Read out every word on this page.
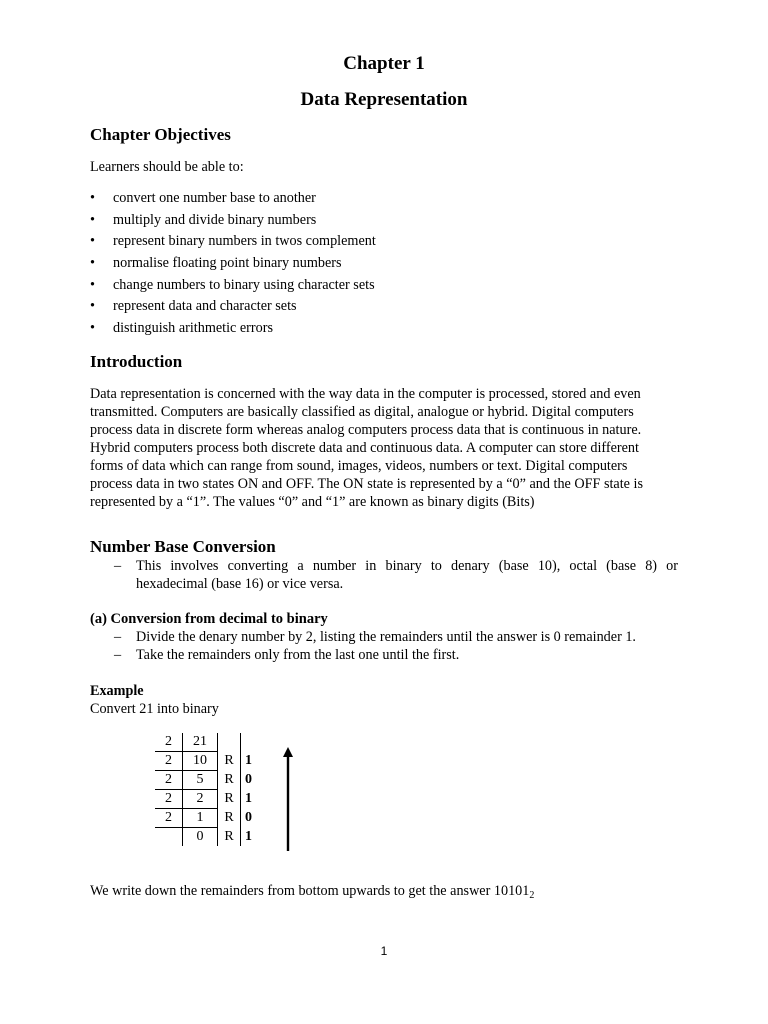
Chapter 1
Data Representation
Chapter Objectives
Learners should be able to:
• convert one number base to another
• multiply and divide binary numbers
• represent binary numbers in twos complement
• normalise floating point binary numbers
• change numbers to binary using character sets
• represent data and character sets
• distinguish arithmetic errors
Introduction
Data representation is concerned with the way data in the computer is processed, stored and even
transmitted. Computers are basically classified as digital, analogue or hybrid. Digital computers
process data in discrete form whereas analog computers process data that is continuous in nature.
Hybrid computers process both discrete data and continuous data. A computer can store different
forms of data which can range from sound, images, videos, numbers or text. Digital computers
process data in two states ON and OFF. The ON state is represented by a “0” and the OFF state is
represented by a “1”. The values “0” and “1” are known as binary digits (Bits)
Number Base Conversion
– This involves converting a number in binary to denary (base 10), octal (base 8) or
hexadecimal (base 16) or vice versa.
(a) Conversion from decimal to binary
– Divide the denary number by 2, listing the remainders until the answer is 0 remainder 1.
– Take the remainders only from the last one until the first.
Example
Convert 21 into binary
2	21		
2	10	R	1
2	5	R	0
2	2	R	1
2	1	R	0
	0	R	1
We write down the remainders from bottom upwards to get the answer $10101_2$
1
